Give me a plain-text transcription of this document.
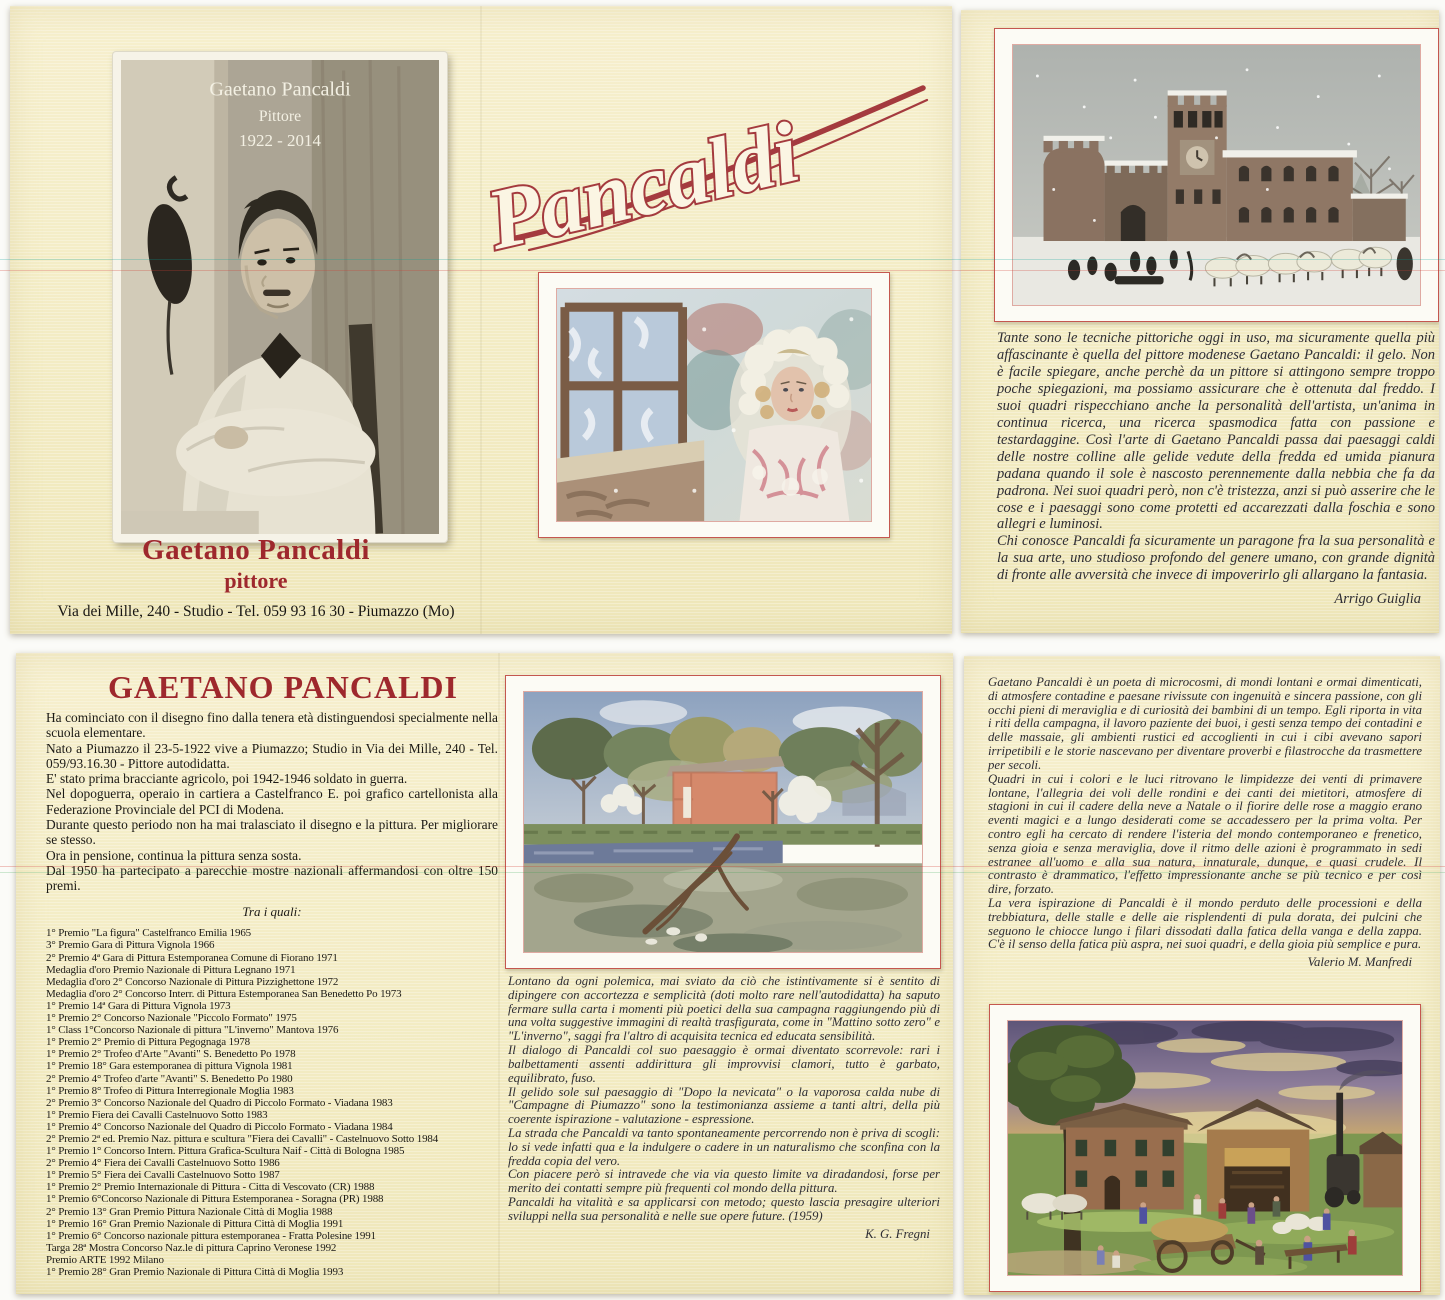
Gaetano Pancaldi
Pittore
1922 - 2014 Pancaldi
Gaetano Pancaldi
pittore
Via dei Mille, 240 - Studio - Tel. 059 93 16 30 - Piumazzo (Mo)

Tante sono le tecniche pittoriche oggi in uso, ma sicuramente quella più affascinante è quella del pittore modenese Gaetano Pancaldi: il gelo. Non è facile spiegare, anche perchè da un pittore si attingono sempre troppo poche spiegazioni, ma possiamo assicurare che è ottenuta dal freddo. I suoi quadri rispecchiano anche la personalità dell'artista, un'anima in continua ricerca, una ricerca spasmodica fatta con passione e testardaggine. Così l'arte di Gaetano Pancaldi passa dai paesaggi caldi delle nostre colline alle gelide vedute della fredda ed umida pianura padana quando il sole è nascosto perennemente dalla nebbia che fa da padrona. Nei suoi quadri però, non c'è tristezza, anzi si può asserire che le cose e i paesaggi sono come protetti ed accarezzati dalla foschia e sono allegri e luminosi.

Chi conosce Pancaldi fa sicuramente un paragone fra la sua personalità e la sua arte, uno studioso profondo del genere umano, con grande dignità di fronte alle avversità che invece di impoverirlo gli allargano la fantasia.

Arrigo Guiglia
GAETANO PANCALDI

Ha cominciato con il disegno fino dalla tenera età distinguendosi specialmente nella scuola elementare.

Nato a Piumazzo il 23-5-1922 vive a Piumazzo; Studio in Via dei Mille, 240 - Tel. 059/93.16.30 - Pittore autodidatta.

E' stato prima bracciante agricolo, poi 1942-1946 soldato in guerra.

Nel dopoguerra, operaio in cartiera a Castelfranco E. poi grafico cartellonista alla Federazione Provinciale del PCI di Modena.

Durante questo periodo non ha mai tralasciato il disegno e la pittura. Per migliorare se stesso.

Ora in pensione, continua la pittura senza sosta.

Dal 1950 ha partecipato a parecchie mostre nazionali affermandosi con oltre 150 premi.

Tra i quali:
1° Premio "La figura" Castelfranco Emilia 1965
3° Premio Gara di Pittura Vignola 1966
2° Premio 4ª Gara di Pittura Estemporanea Comune di Fiorano 1971
Medaglia d'oro Premio Nazionale di Pittura Legnano 1971
Medaglia d'oro 2° Concorso Nazionale di Pittura Pizzighettone 1972
Medaglia d'oro 2° Concorso Interr. di Pittura Estemporanea San Benedetto Po 1973
1° Premio 14ª Gara di Pittura Vignola 1973
1° Premio 2° Concorso Nazionale "Piccolo Formato" 1975
1° Class 1°Concorso Nazionale di pittura "L'inverno" Mantova 1976
1° Premio 2° Premio di Pittura Pegognaga 1978
1° Premio 2° Trofeo d'Arte "Avanti" S. Benedetto Po 1978
1° Premio 18° Gara estemporanea di pittura Vignola 1981
2° Premio 4° Trofeo d'arte "Avanti" S. Benedetto Po 1980
1° Premio 8° Trofeo di Pittura Interregionale Moglia 1983
2° Premio 3° Concorso Nazionale del Quadro di Piccolo Formato - Viadana 1983
1° Premio Fiera dei Cavalli Castelnuovo Sotto 1983
1° Premio 4° Concorso Nazionale del Quadro di Piccolo Formato - Viadana 1984
2° Premio 2ª ed. Premio Naz. pittura e scultura "Fiera dei Cavalli" - Castelnuovo Sotto 1984
1° Premio 1° Concorso Intern. Pittura Grafica-Scultura Naif - Città di Bologna 1985
2° Premio 4° Fiera dei Cavalli Castelnuovo Sotto 1986
1° Premio 5° Fiera dei Cavalli Castelnuovo Sotto 1987
1° Premio 2° Premio Internazionale di Pittura - Citta di Vescovato (CR) 1988
1° Premio 6°Concorso Nazionale di Pittura Estemporanea - Soragna (PR) 1988
2° Premio 13° Gran Premio Pittura Nazionale Città di Moglia 1988
1° Premio 16° Gran Premio Nazionale di Pittura Città di Moglia 1991
1° Premio 6° Concorso nazionale pittura estemporanea - Fratta Polesine 1991
Targa 28ª Mostra Concorso Naz.le di pittura Caprino Veronese 1992
Premio ARTE 1992 Milano
1° Premio 28° Gran Premio Nazionale di Pittura Città di Moglia 1993

Lontano da ogni polemica, mai sviato da ciò che istintivamente si è sentito di dipingere con accortezza e semplicità (doti molto rare nell'autodidatta) ha saputo fermare sulla carta i momenti più poetici della sua campagna raggiungendo più di una volta suggestive immagini di realtà trasfigurata, come in "Mattino sotto zero" e "L'inverno", saggi fra l'altro di acquisita tecnica ed educata sensibilità.

Il dialogo di Pancaldi col suo paesaggio è ormai diventato scorrevole: rari i balbettamenti assenti addirittura gli improvvisi clamori, tutto è garbato, equilibrato, fuso.

Il gelido sole sul paesaggio di "Dopo la nevicata" o la vaporosa calda nube di "Campagne di Piumazzo" sono la testimonianza assieme a tanti altri, della più coerente ispirazione - valutazione - espressione.

La strada che Pancaldi va tanto spontaneamente percorrendo non è priva di scogli: lo si vede infatti qua e la indulgere o cadere in un naturalismo che sconfina con la fredda copia del vero.

Con piacere però si intravede che via via questo limite va diradandosi, forse per merito dei contatti sempre più frequenti col mondo della pittura.

Pancaldi ha vitalità e sa applicarsi con metodo; questo lascia presagire ulteriori sviluppi nella sua personalità e nelle sue opere future. (1959)

K. G. Fregni

Gaetano Pancaldi è un poeta di microcosmi, di mondi lontani e ormai dimenticati, di atmosfere contadine e paesane rivissute con ingenuità e sincera passione, con gli occhi pieni di meraviglia e di curiosità dei bambini di un tempo. Egli riporta in vita i riti della campagna, il lavoro paziente dei buoi, i gesti senza tempo dei contadini e delle massaie, gli ambienti rustici ed accoglienti in cui i cibi avevano sapori irripetibili e le storie nascevano per diventare proverbi e filastrocche da trasmettere per secoli.

Quadri in cui i colori e le luci ritrovano le limpidezze dei venti di primavere lontane, l'allegria dei voli delle rondini e dei canti dei mietitori, atmosfere di stagioni in cui il cadere della neve a Natale o il fiorire delle rose a maggio erano eventi magici e a lungo desiderati come se accadessero per la prima volta. Per contro egli ha cercato di rendere l'isteria del mondo contemporaneo e frenetico, senza gioia e senza meraviglia, dove il ritmo delle azioni è programmato in sedi estranee all'uomo e alla sua natura, innaturale, dunque, e quasi crudele. Il contrasto è drammatico, l'effetto impressionante anche se più tecnico e per così dire, forzato.

La vera ispirazione di Pancaldi è il mondo perduto delle processioni e della trebbiatura, delle stalle e delle aie risplendenti di pula dorata, dei pulcini che seguono le chiocce lungo i filari dissodati dalla fatica della vanga e della zappa. C'è il senso della fatica più aspra, nei suoi quadri, e della gioia più semplice e pura.

Valerio M. Manfredi
